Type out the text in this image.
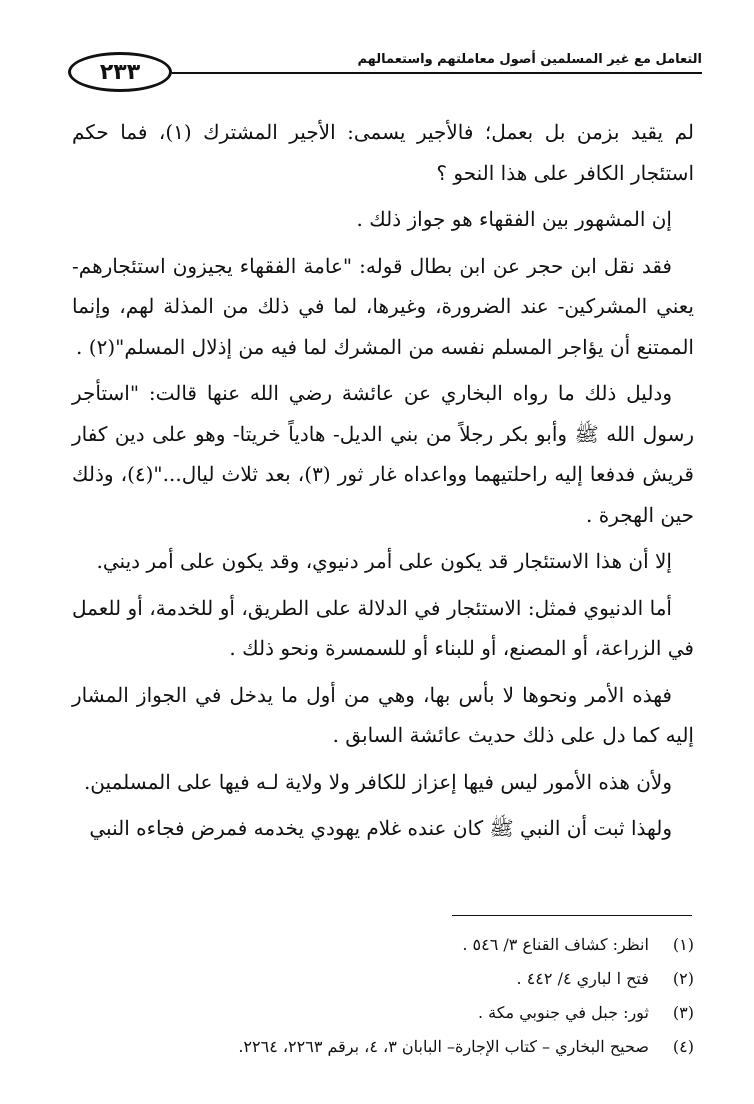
٢٣٣	التعامل مع غير المسلمين أصول معاملتهم واستعمالهم

لم يقيد بزمن بل بعمل؛ فالأجير يسمى: الأجير المشترك (١)، فما حكم استئجار الكافر على هذا النحو ؟

إن المشهور بين الفقهاء هو جواز ذلك .

فقد نقل ابن حجر عن ابن بطال قوله: "عامة الفقهاء يجيزون استئجارهم- يعني المشركين- عند الضرورة، وغيرها، لما في ذلك من المذلة لهم، وإنما الممتنع أن يؤاجر المسلم نفسه من المشرك لما فيه من إذلال المسلم"(٢) .

ودليل ذلك ما رواه البخاري عن عائشة رضي الله عنها قالت: "استأجر رسول الله ﷺ وأبو بكر رجلاً من بني الديل- هادياً خريتا- وهو على دين كفار قريش فدفعا إليه راحلتيهما وواعداه غار ثور (٣)، بعد ثلاث ليال..."(٤)، وذلك حين الهجرة .

إلا أن هذا الاستئجار قد يكون على أمر دنيوي، وقد يكون على أمر ديني.

أما الدنيوي فمثل: الاستئجار في الدلالة على الطريق، أو للخدمة، أو للعمل في الزراعة، أو المصنع، أو للبناء أو للسمسرة ونحو ذلك .

فهذه الأمر ونحوها لا بأس بها، وهي من أول ما يدخل في الجواز المشار إليه كما دل على ذلك حديث عائشة السابق .

ولأن هذه الأمور ليس فيها إعزاز للكافر ولا ولاية لـه فيها على المسلمين.

ولهذا ثبت أن النبي ﷺ كان عنده غلام يهودي يخدمه فمرض فجاءه النبي

(١) انظر: كشاف القناع ٣/ ٥٤٦ .
(٢) فتح ا لباري ٤/ ٤٤٢ .
(٣) ثور: جبل في جنوبي مكة .
(٤) صحيح البخاري – كتاب الإجارة– البابان ٣، ٤، برقم ٢٢٦٣، ٢٢٦٤.
